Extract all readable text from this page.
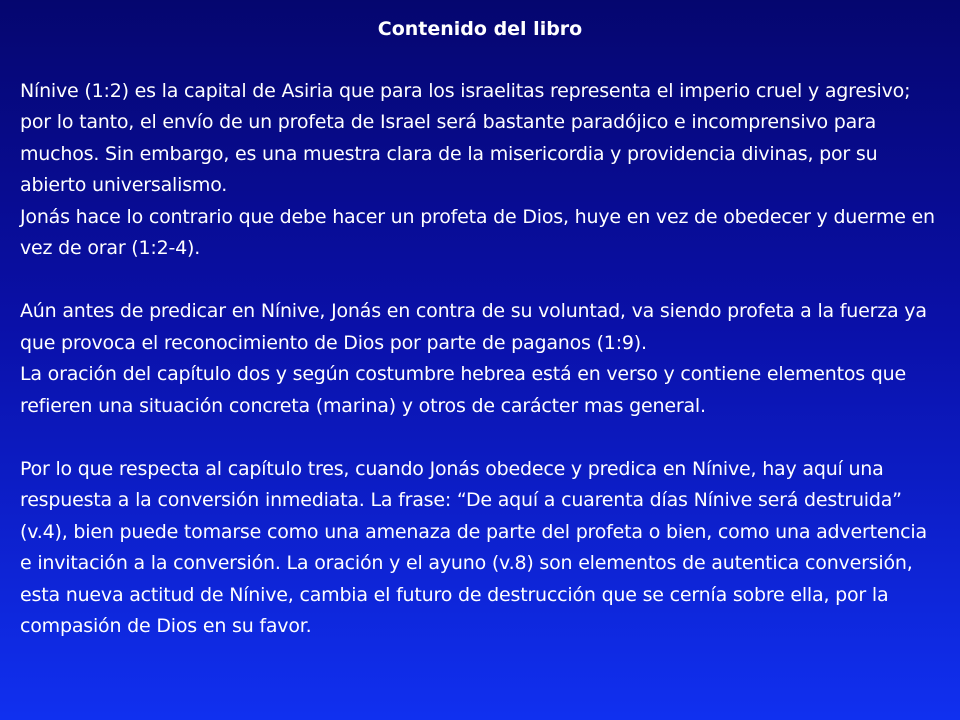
Contenido del libro

Nínive (1:2) es la capital de Asiria que para los israelitas representa el imperio cruel y agresivo; por lo tanto, el envío de un profeta de Israel será bastante paradójico e incomprensivo para muchos. Sin embargo, es una muestra clara de la misericordia y providencia divinas, por su abierto universalismo.

Jonás hace lo contrario que debe hacer un profeta de Dios, huye en vez de obedecer y duerme en vez de orar (1:2-4).

Aún antes de predicar en Nínive, Jonás en contra de su voluntad, va siendo profeta a la fuerza ya que provoca el reconocimiento de Dios por parte de paganos (1:9).

La oración del capítulo dos y según costumbre hebrea está en verso y contiene elementos que refieren una situación concreta (marina) y otros de carácter mas general.

Por lo que respecta al capítulo tres, cuando Jonás obedece y predica en Nínive, hay aquí una respuesta a la conversión inmediata. La frase: “De aquí a cuarenta días Nínive será destruida” (v.4), bien puede tomarse como una amenaza de parte del profeta o bien, como una advertencia e invitación a la conversión. La oración y el ayuno (v.8) son elementos de autentica conversión, esta nueva actitud de Nínive, cambia el futuro de destrucción que se cernía sobre ella, por la compasión de Dios en su favor.
